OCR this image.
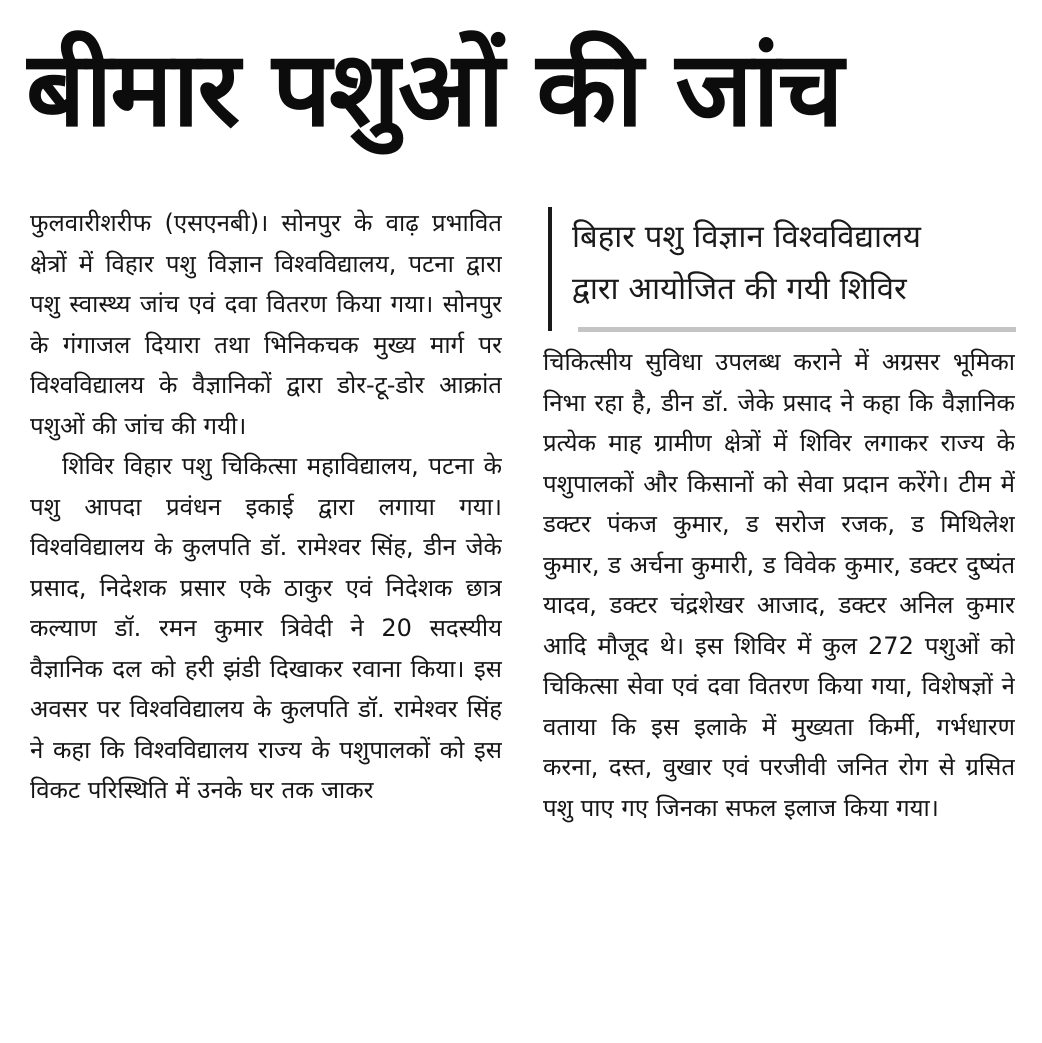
बीमार पशुओं की जांच

फुलवारीशरीफ (एसएनबी)। सोनपुर के वाढ़ प्रभावित क्षेत्रों में विहार पशु विज्ञान विश्वविद्यालय, पटना द्वारा पशु स्वास्थ्य जांच एवं दवा वितरण किया गया। सोनपुर के गंगाजल दियारा तथा भिनिकचक मुख्य मार्ग पर विश्वविद्यालय के वैज्ञानिकों द्वारा डोर-टू-डोर आक्रांत पशुओं की जांच की गयी।

शिविर विहार पशु चिकित्सा महाविद्यालय, पटना के पशु आपदा प्रवंधन इकाई द्वारा लगाया गया। विश्वविद्यालय के कुलपति डॉ. रामेश्वर सिंह, डीन जेके प्रसाद, निदेशक प्रसार एके ठाकुर एवं निदेशक छात्र कल्याण डॉ. रमन कुमार त्रिवेदी ने 20 सदस्यीय वैज्ञानिक दल को हरी झंडी दिखाकर रवाना किया। इस अवसर पर विश्वविद्यालय के कुलपति डॉ. रामेश्वर सिंह ने कहा कि विश्वविद्यालय राज्य के पशुपालकों को इस विकट परिस्थिति में उनके घर तक जाकर

बिहार पशु विज्ञान विश्वविद्यालय
द्वारा आयोजित की गयी शिविर

चिकित्सीय सुविधा उपलब्ध कराने में अग्रसर भूमिका निभा रहा है, डीन डॉ. जेके प्रसाद ने कहा कि वैज्ञानिक प्रत्येक माह ग्रामीण क्षेत्रों में शिविर लगाकर राज्य के पशुपालकों और किसानों को सेवा प्रदान करेंगे। टीम में डक्टर पंकज कुमार, ड सरोज रजक, ड मिथिलेश कुमार, ड अर्चना कुमारी, ड विवेक कुमार, डक्टर दुष्यंत यादव, डक्टर चंद्रशेखर आजाद, डक्टर अनिल कुमार आदि मौजूद थे। इस शिविर में कुल 272 पशुओं को चिकित्सा सेवा एवं दवा वितरण किया गया, विशेषज्ञों ने वताया कि इस इलाके में मुख्यता किर्मी, गर्भधारण करना, दस्त, वुखार एवं परजीवी जनित रोग से ग्रसित पशु पाए गए जिनका सफल इलाज किया गया।
